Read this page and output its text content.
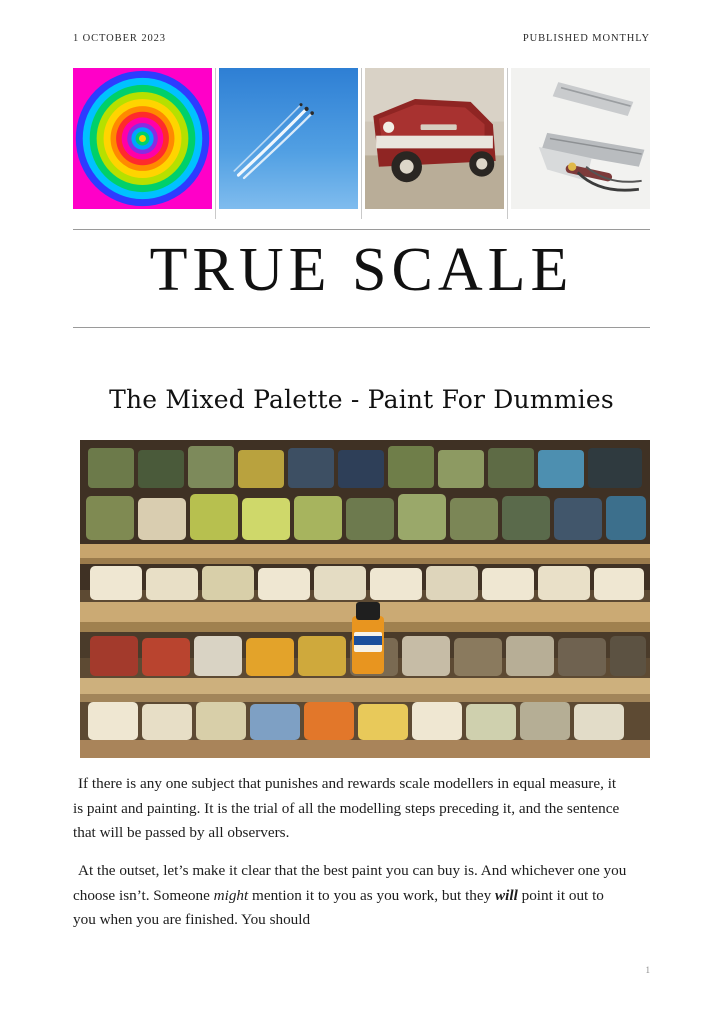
1 OCTOBER 2023	PUBLISHED MONTHLY
TRUE SCALE
The Mixed Palette - Paint For Dummies

If there is any one subject that punishes and rewards scale modellers in equal measure, it is paint and painting. It is the trial of all the modelling steps preceding it, and the sentence that will be passed by all observers.

At the outset, let’s make it clear that the best paint you can buy is. And whichever one you choose isn’t. Someone might mention it to you as you work, but they will point it out to you when you are finished. You should

1
